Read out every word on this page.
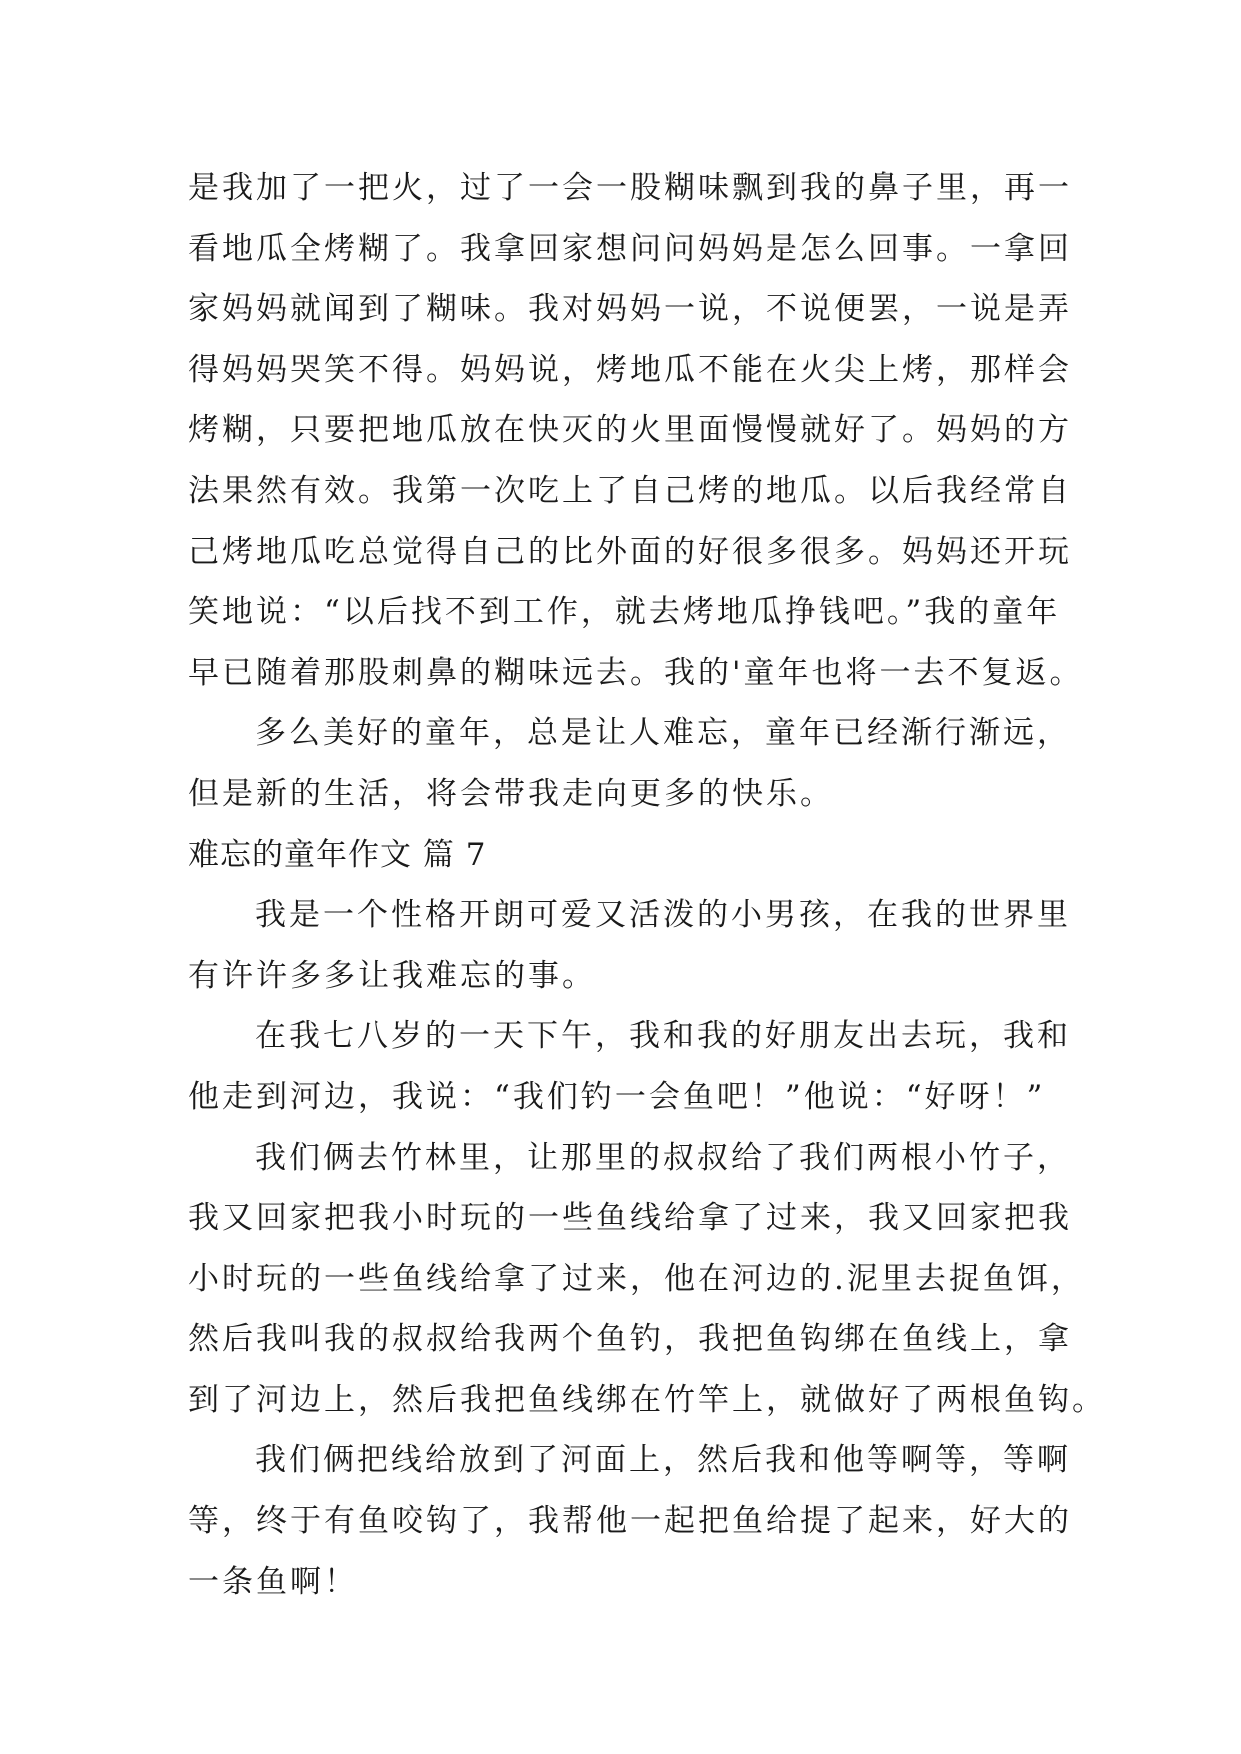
是我加了一把火，过了一会一股糊味飘到我的鼻子里，再一
看地瓜全烤糊了。我拿回家想问问妈妈是怎么回事。一拿回
家妈妈就闻到了糊味。我对妈妈一说，不说便罢，一说是弄
得妈妈哭笑不得。妈妈说，烤地瓜不能在火尖上烤，那样会
烤糊，只要把地瓜放在快灭的火里面慢慢就好了。妈妈的方
法果然有效。我第一次吃上了自己烤的地瓜。以后我经常自
己烤地瓜吃总觉得自己的比外面的好很多很多。妈妈还开玩
笑地说：“以后找不到工作，就去烤地瓜挣钱吧。”我的童年
早已随着那股刺鼻的糊味远去。我的'童年也将一去不复返。
多么美好的童年，总是让人难忘，童年已经渐行渐远，
但是新的生活，将会带我走向更多的快乐。
难忘的童年作文 篇 7
我是一个性格开朗可爱又活泼的小男孩，在我的世界里
有许许多多让我难忘的事。
在我七八岁的一天下午，我和我的好朋友出去玩，我和
他走到河边，我说：“我们钓一会鱼吧！”他说：“好呀！”
我们俩去竹林里，让那里的叔叔给了我们两根小竹子，
我又回家把我小时玩的一些鱼线给拿了过来，我又回家把我
小时玩的一些鱼线给拿了过来，他在河边的.泥里去捉鱼饵，
然后我叫我的叔叔给我两个鱼钓，我把鱼钩绑在鱼线上，拿
到了河边上，然后我把鱼线绑在竹竿上，就做好了两根鱼钩。
我们俩把线给放到了河面上，然后我和他等啊等，等啊
等，终于有鱼咬钩了，我帮他一起把鱼给提了起来，好大的
一条鱼啊！
